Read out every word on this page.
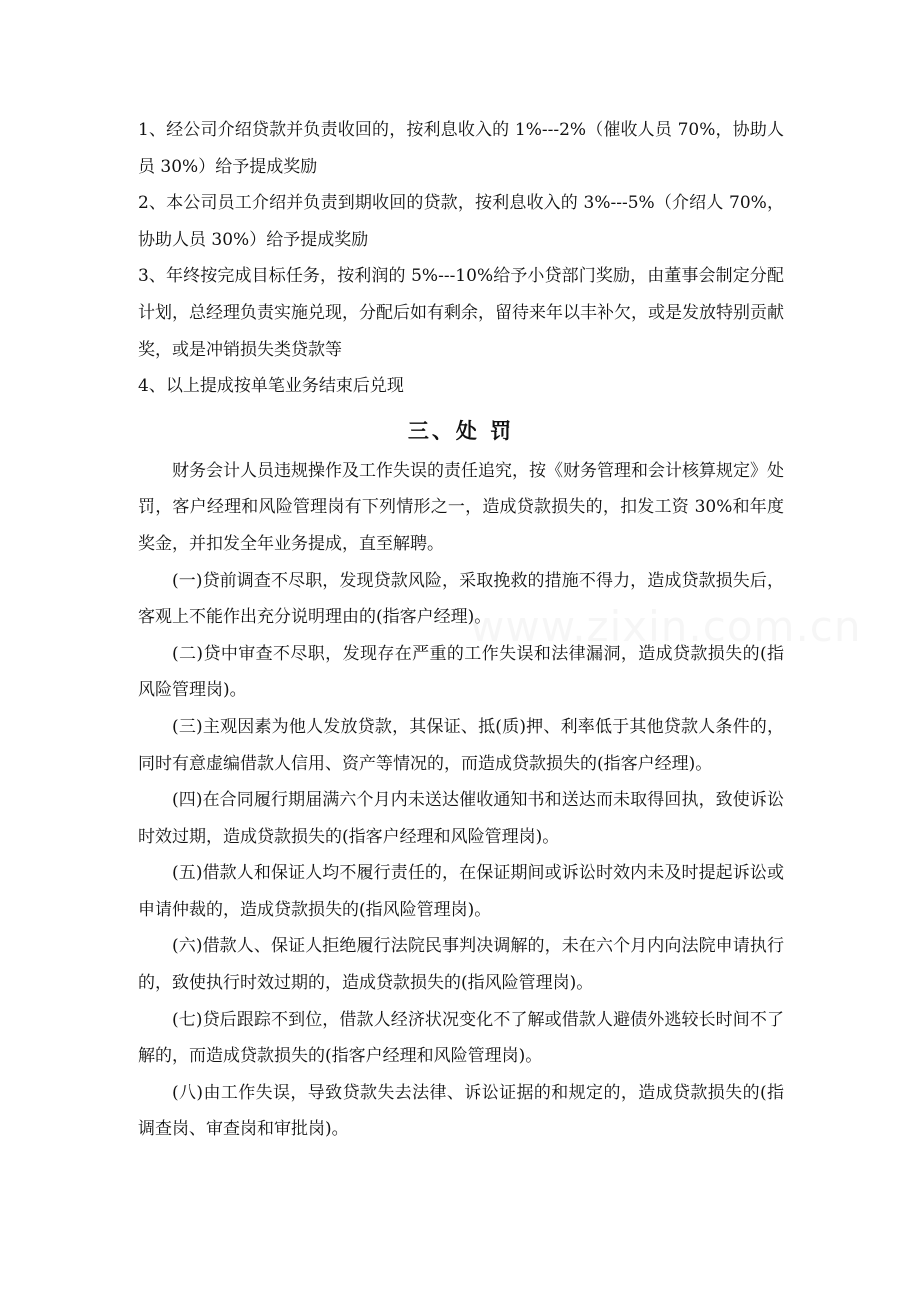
1、经公司介绍贷款并负责收回的，按利息收入的 1%---2%（催收人员 70%，协助人员 30%）给予提成奖励

2、本公司员工介绍并负责到期收回的贷款，按利息收入的 3%---5%（介绍人 70%，协助人员 30%）给予提成奖励

3、年终按完成目标任务，按利润的 5%---10%给予小贷部门奖励，由董事会制定分配计划，总经理负责实施兑现，分配后如有剩余，留待来年以丰补欠，或是发放特别贡献奖，或是冲销损失类贷款等

4、以上提成按单笔业务结束后兑现

三、处 罚

财务会计人员违规操作及工作失误的责任追究，按《财务管理和会计核算规定》处罚，客户经理和风险管理岗有下列情形之一，造成贷款损失的，扣发工资 30%和年度奖金，并扣发全年业务提成，直至解聘。

(一)贷前调查不尽职，发现贷款风险，采取挽救的措施不得力，造成贷款损失后，客观上不能作出充分说明理由的(指客户经理)。

(二)贷中审查不尽职，发现存在严重的工作失误和法律漏洞，造成贷款损失的(指风险管理岗)。

(三)主观因素为他人发放贷款，其保证、抵(质)押、利率低于其他贷款人条件的，同时有意虚编借款人信用、资产等情况的，而造成贷款损失的(指客户经理)。

(四)在合同履行期届满六个月内未送达催收通知书和送达而未取得回执，致使诉讼时效过期，造成贷款损失的(指客户经理和风险管理岗)。

(五)借款人和保证人均不履行责任的，在保证期间或诉讼时效内未及时提起诉讼或申请仲裁的，造成贷款损失的(指风险管理岗)。

(六)借款人、保证人拒绝履行法院民事判决调解的，未在六个月内向法院申请执行的，致使执行时效过期的，造成贷款损失的(指风险管理岗)。

(七)贷后跟踪不到位，借款人经济状况变化不了解或借款人避债外逃较长时间不了解的，而造成贷款损失的(指客户经理和风险管理岗)。

(八)由工作失误，导致贷款失去法律、诉讼证据的和规定的，造成贷款损失的(指调查岗、审查岗和审批岗)。

www.zixin.com.cn
